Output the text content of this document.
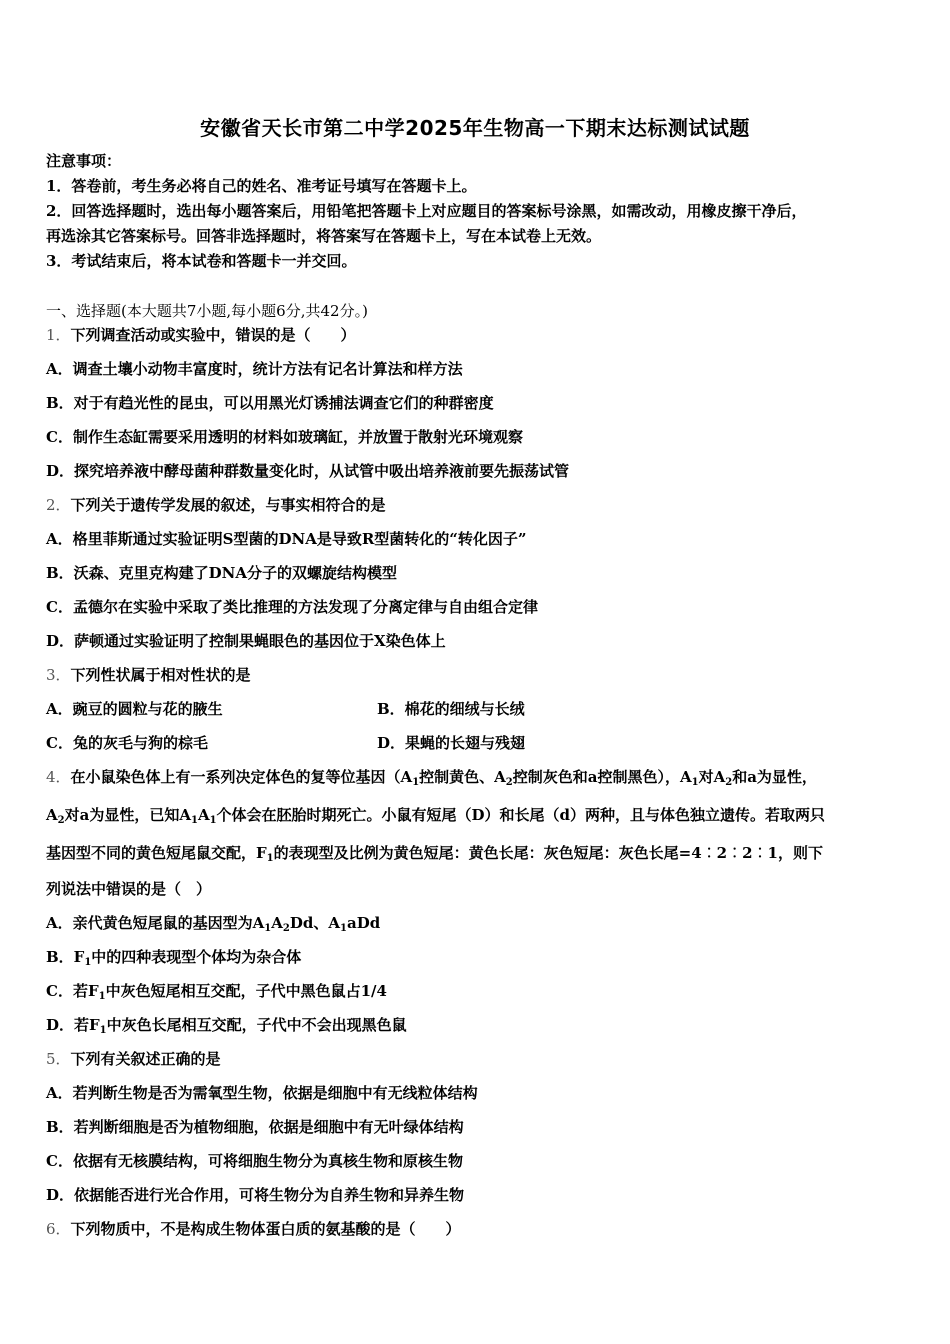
安徽省天长市第二中学2025年生物高一下期末达标测试试题
注意事项：
1．答卷前，考生务必将自己的姓名、准考证号填写在答题卡上。
2．回答选择题时，选出每小题答案后，用铅笔把答题卡上对应题目的答案标号涂黑，如需改动，用橡皮擦干净后，
再选涂其它答案标号。回答非选择题时，将答案写在答题卡上，写在本试卷上无效。
3．考试结束后，将本试卷和答题卡一并交回。
一、选择题(本大题共7小题,每小题6分,共42分。)
1．下列调查活动或实验中，错误的是（　　）
A．调查土壤小动物丰富度时，统计方法有记名计算法和样方法
B．对于有趋光性的昆虫，可以用黑光灯诱捕法调查它们的种群密度
C．制作生态缸需要采用透明的材料如玻璃缸，并放置于散射光环境观察
D．探究培养液中酵母菌种群数量变化时，从试管中吸出培养液前要先振荡试管
2．下列关于遗传学发展的叙述，与事实相符合的是
A．格里菲斯通过实验证明S型菌的DNA是导致R型菌转化的“转化因子”
B．沃森、克里克构建了DNA分子的双螺旋结构模型
C．孟德尔在实验中采取了类比推理的方法发现了分离定律与自由组合定律
D．萨顿通过实验证明了控制果蝇眼色的基因位于X染色体上
3．下列性状属于相对性状的是
A．豌豆的圆粒与花的腋生	B．棉花的细绒与长绒
C．兔的灰毛与狗的棕毛	D．果蝇的长翅与残翅
4．在小鼠染色体上有一系列决定体色的复等位基因（$A_1$控制黄色、$A_2$控制灰色和a控制黑色），$A_1$对$A_2$和a为显性，
$A_2$对a为显性，已知$A_1A_1$个体会在胚胎时期死亡。小鼠有短尾（D）和长尾（d）两种，且与体色独立遗传。若取两只
基因型不同的黄色短尾鼠交配，$F_1$的表现型及比例为黄色短尾：黄色长尾：灰色短尾：灰色长尾=4︰2︰2︰1，则下
列说法中错误的是（　）
A．亲代黄色短尾鼠的基因型为$A_1A_2Dd$、$A_1aDd$
B．$F_1$中的四种表现型个体均为杂合体
C．若$F_1$中灰色短尾相互交配，子代中黑色鼠占1/4
D．若$F_1$中灰色长尾相互交配，子代中不会出现黑色鼠
5．下列有关叙述正确的是
A．若判断生物是否为需氧型生物，依据是细胞中有无线粒体结构
B．若判断细胞是否为植物细胞，依据是细胞中有无叶绿体结构
C．依据有无核膜结构，可将细胞生物分为真核生物和原核生物
D．依据能否进行光合作用，可将生物分为自养生物和异养生物
6．下列物质中，不是构成生物体蛋白质的氨基酸的是（　　）
